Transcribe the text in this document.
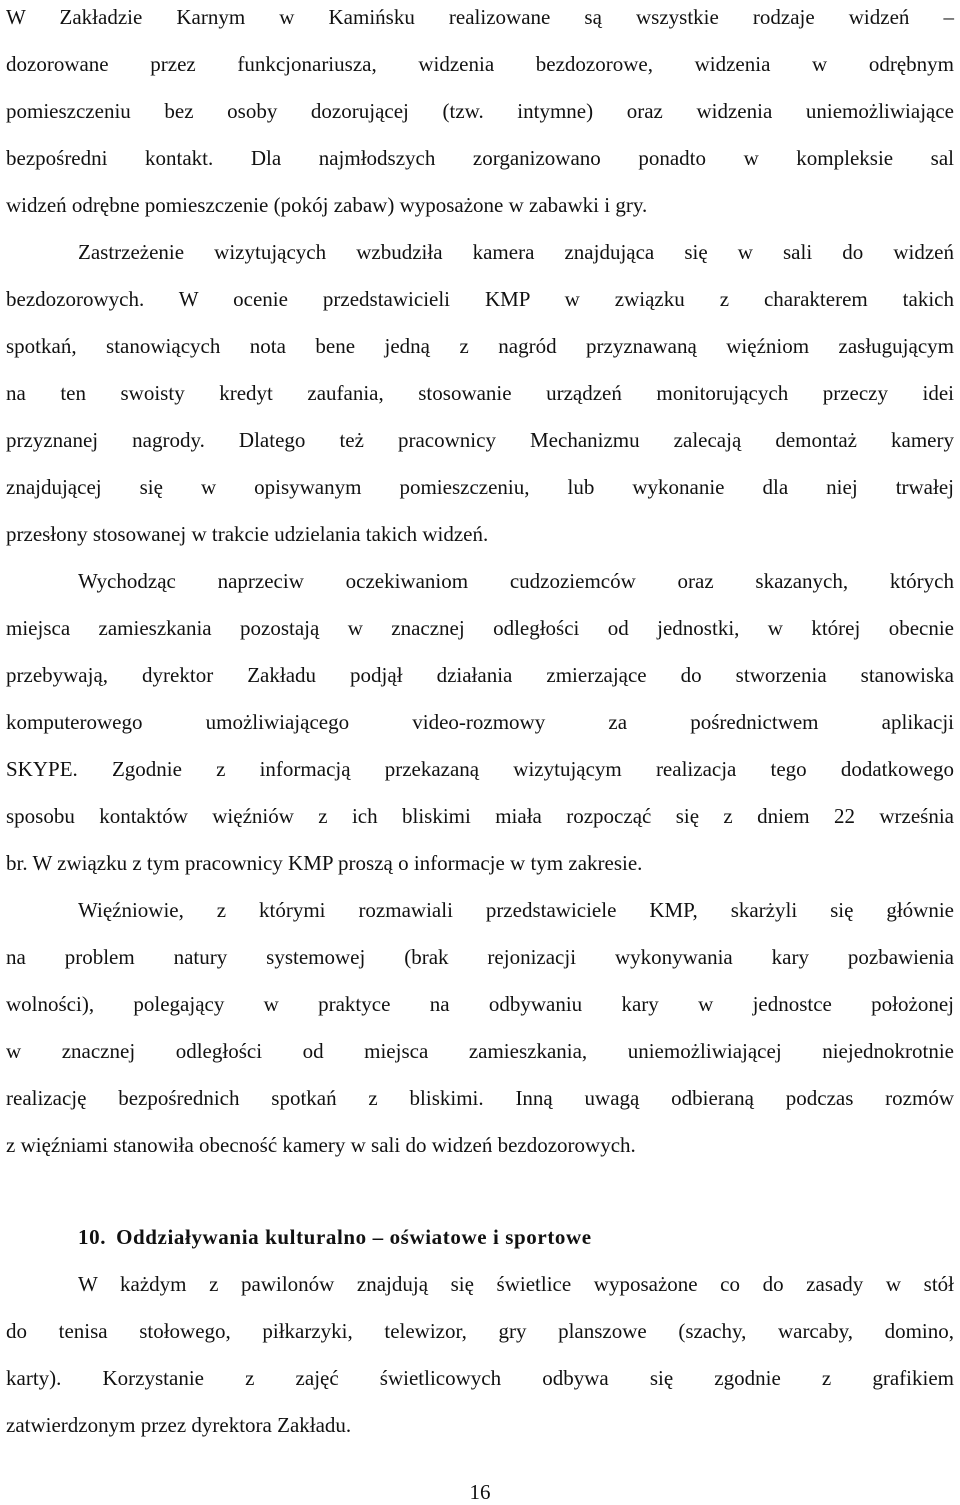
W Zakładzie Karnym w Kamińsku realizowane są wszystkie rodzaje widzeń –
dozorowane przez funkcjonariusza, widzenia bezdozorowe, widzenia w odrębnym
pomieszczeniu bez osoby dozorującej (tzw. intymne) oraz widzenia uniemożliwiające
bezpośredni kontakt. Dla najmłodszych zorganizowano ponadto w kompleksie sal
widzeń odrębne pomieszczenie (pokój zabaw) wyposażone w zabawki i gry.
Zastrzeżenie wizytujących wzbudziła kamera znajdująca się w sali do widzeń
bezdozorowych. W ocenie przedstawicieli KMP w związku z charakterem takich
spotkań, stanowiących nota bene jedną z nagród przyznawaną więźniom zasługującym
na ten swoisty kredyt zaufania, stosowanie urządzeń monitorujących przeczy idei
przyznanej nagrody. Dlatego też pracownicy Mechanizmu zalecają demontaż kamery
znajdującej się w opisywanym pomieszczeniu, lub wykonanie dla niej trwałej
przesłony stosowanej w trakcie udzielania takich widzeń.
Wychodząc naprzeciw oczekiwaniom cudzoziemców oraz skazanych, których
miejsca zamieszkania pozostają w znacznej odległości od jednostki, w której obecnie
przebywają, dyrektor Zakładu podjął działania zmierzające do stworzenia stanowiska
komputerowego umożliwiającego video-rozmowy za pośrednictwem aplikacji
SKYPE. Zgodnie z informacją przekazaną wizytującym realizacja tego dodatkowego
sposobu kontaktów więźniów z ich bliskimi miała rozpocząć się z dniem 22 września
br. W związku z tym pracownicy KMP proszą o informacje w tym zakresie.
Więźniowie, z którymi rozmawiali przedstawiciele KMP, skarżyli się głównie
na problem natury systemowej (brak rejonizacji wykonywania kary pozbawienia
wolności), polegający w praktyce na odbywaniu kary w jednostce położonej
w znacznej odległości od miejsca zamieszkania, uniemożliwiającej niejednokrotnie
realizację bezpośrednich spotkań z bliskimi. Inną uwagą odbieraną podczas rozmów
z więźniami stanowiła obecność kamery w sali do widzeń bezdozorowych.
10. Oddziaływania kulturalno – oświatowe i sportowe
W każdym z pawilonów znajdują się świetlice wyposażone co do zasady w stół
do tenisa stołowego, piłkarzyki, telewizor, gry planszowe (szachy, warcaby, domino,
karty). Korzystanie z zajęć świetlicowych odbywa się zgodnie z grafikiem
zatwierdzonym przez dyrektora Zakładu.
16
